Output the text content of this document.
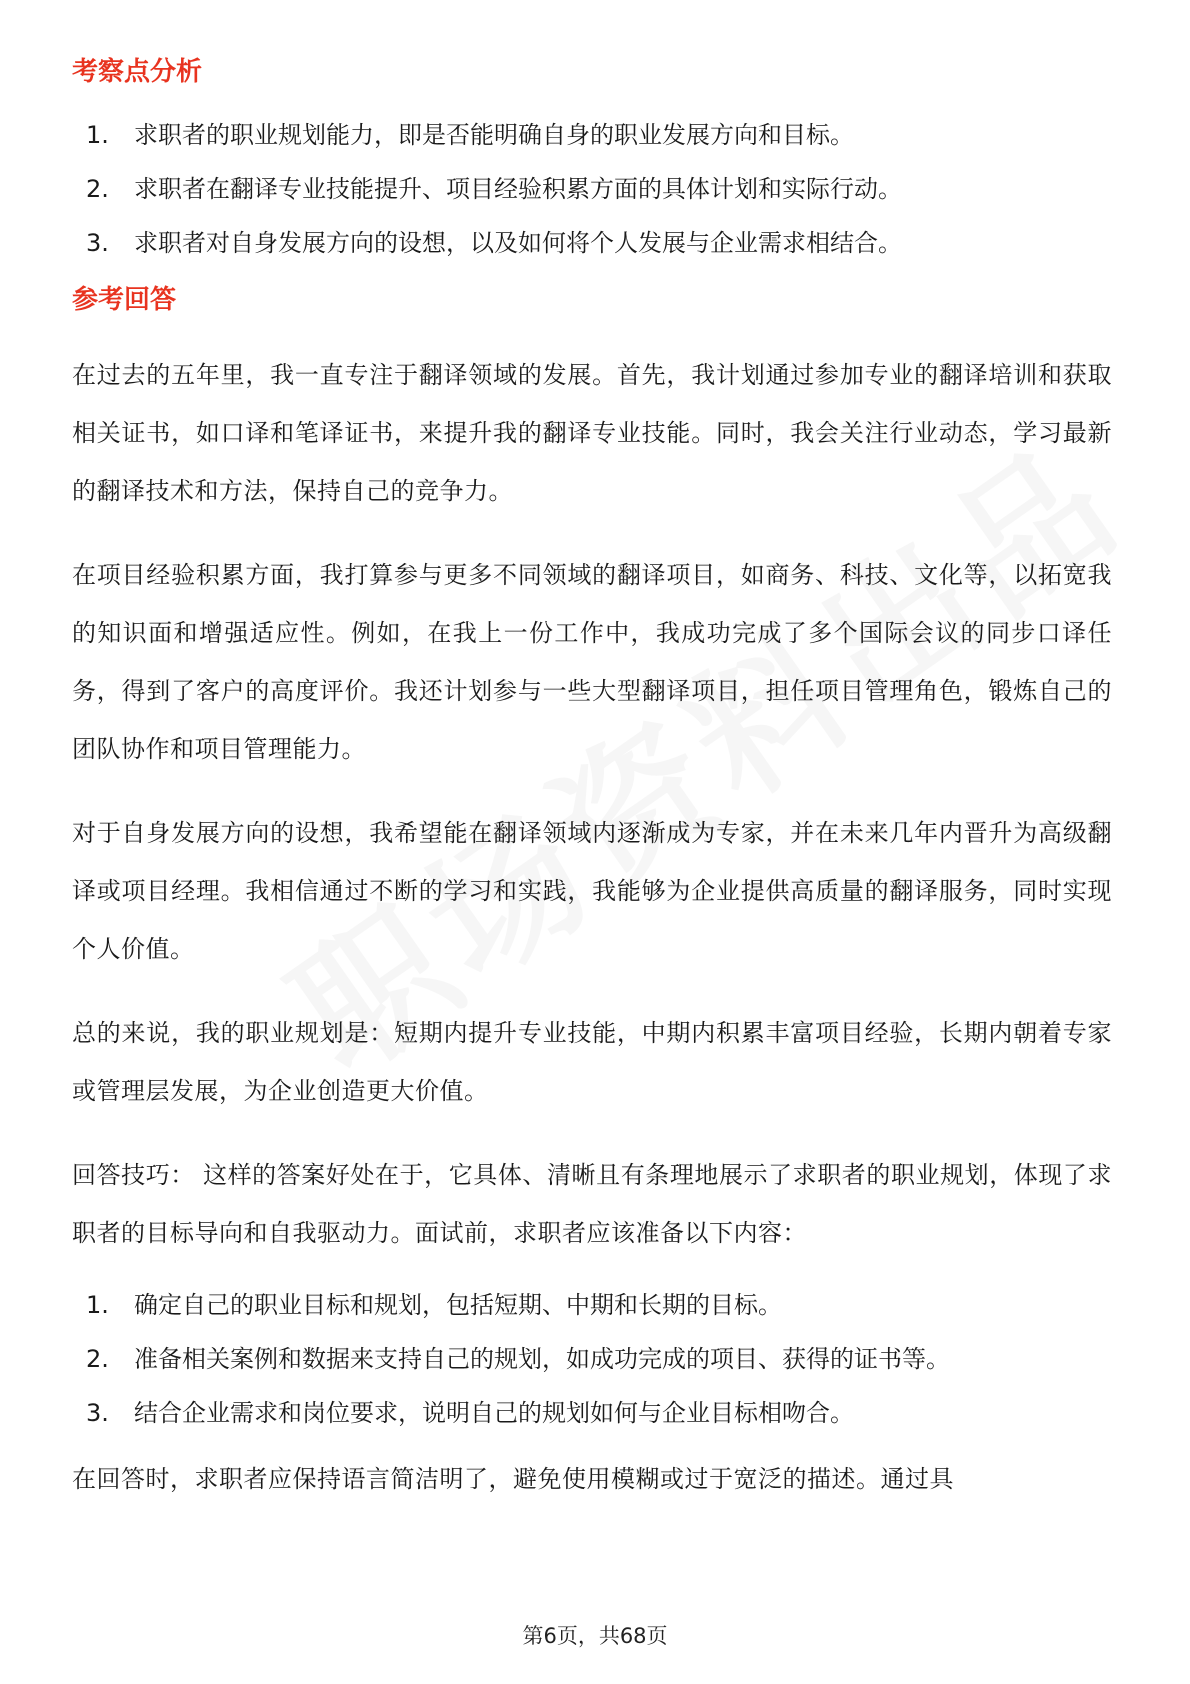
考察点分析
1.	求职者的职业规划能力，即是否能明确自身的职业发展方向和目标。
2.	求职者在翻译专业技能提升、项目经验积累方面的具体计划和实际行动。
3.	求职者对自身发展方向的设想，以及如何将个人发展与企业需求相结合。
参考回答

在过去的五年里，我一直专注于翻译领域的发展。首先，我计划通过参加专业的翻译培训和获取相关证书，如口译和笔译证书，来提升我的翻译专业技能。同时，我会关注行业动态，学习最新的翻译技术和方法，保持自己的竞争力。

在项目经验积累方面，我打算参与更多不同领域的翻译项目，如商务、科技、文化等，以拓宽我的知识面和增强适应性。例如，在我上一份工作中，我成功完成了多个国际会议的同步口译任务，得到了客户的高度评价。我还计划参与一些大型翻译项目，担任项目管理角色，锻炼自己的团队协作和项目管理能力。

对于自身发展方向的设想，我希望能在翻译领域内逐渐成为专家，并在未来几年内晋升为高级翻译或项目经理。我相信通过不断的学习和实践，我能够为企业提供高质量的翻译服务，同时实现个人价值。

总的来说，我的职业规划是：短期内提升专业技能，中期内积累丰富项目经验，长期内朝着专家或管理层发展，为企业创造更大价值。

回答技巧： 这样的答案好处在于，它具体、清晰且有条理地展示了求职者的职业规划，体现了求职者的目标导向和自我驱动力。面试前，求职者应该准备以下内容：

1.	确定自己的职业目标和规划，包括短期、中期和长期的目标。
2.	准备相关案例和数据来支持自己的规划，如成功完成的项目、获得的证书等。
3.	结合企业需求和岗位要求，说明自己的规划如何与企业目标相吻合。

在回答时，求职者应保持语言简洁明了，避免使用模糊或过于宽泛的描述。通过具

第6页，共68页
